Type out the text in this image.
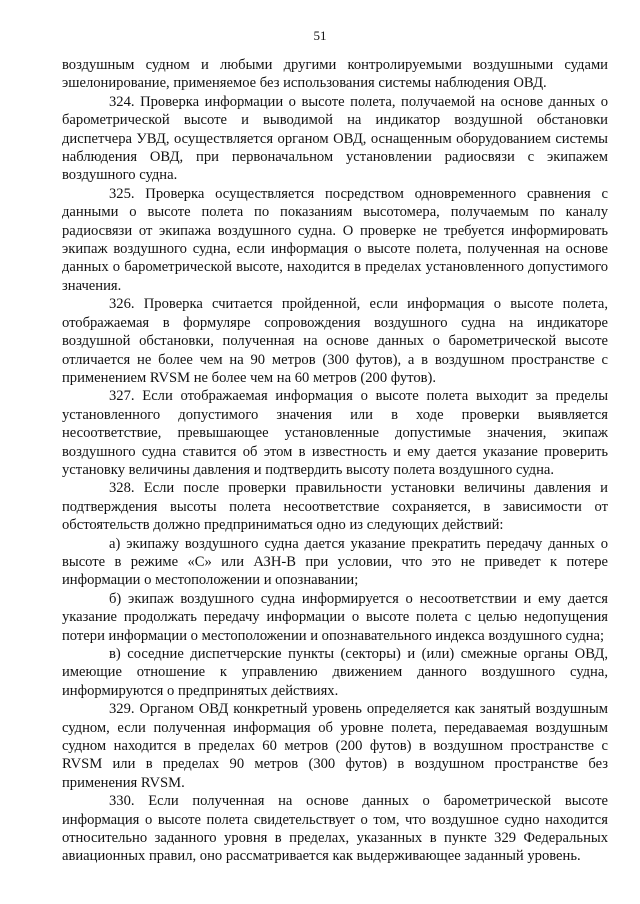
51

воздушным судном и любыми другими контролируемыми воздушными судами эшелонирование, применяемое без использования системы наблюдения ОВД.

324. Проверка информации о высоте полета, получаемой на основе данных о барометрической высоте и выводимой на индикатор воздушной обстановки диспетчера УВД, осуществляется органом ОВД, оснащенным оборудованием системы наблюдения ОВД, при первоначальном установлении радиосвязи с экипажем воздушного судна.

325. Проверка осуществляется посредством одновременного сравнения с данными о высоте полета по показаниям высотомера, получаемым по каналу радиосвязи от экипажа воздушного судна. О проверке не требуется информировать экипаж воздушного судна, если информация о высоте полета, полученная на основе данных о барометрической высоте, находится в пределах установленного допустимого значения.

326. Проверка считается пройденной, если информация о высоте полета, отображаемая в формуляре сопровождения воздушного судна на индикаторе воздушной обстановки, полученная на основе данных о барометрической высоте отличается не более чем на 90 метров (300 футов), а в воздушном пространстве с применением RVSM не более чем на 60 метров (200 футов).

327. Если отображаемая информация о высоте полета выходит за пределы установленного допустимого значения или в ходе проверки выявляется несоответствие, превышающее установленные допустимые значения, экипаж воздушного судна ставится об этом в известность и ему дается указание проверить установку величины давления и подтвердить высоту полета воздушного судна.

328. Если после проверки правильности установки величины давления и подтверждения высоты полета несоответствие сохраняется, в зависимости от обстоятельств должно предприниматься одно из следующих действий:

а) экипажу воздушного судна дается указание прекратить передачу данных о высоте в режиме «С» или АЗН-В при условии, что это не приведет к потере информации о местоположении и опознавании;

б) экипаж воздушного судна информируется о несоответствии и ему дается указание продолжать передачу информации о высоте полета с целью недопущения потери информации о местоположении и опознавательного индекса воздушного судна;

в) соседние диспетчерские пункты (секторы) и (или) смежные органы ОВД, имеющие отношение к управлению движением данного воздушного судна, информируются о предпринятых действиях.

329. Органом ОВД конкретный уровень определяется как занятый воздушным судном, если полученная информация об уровне полета, передаваемая воздушным судном находится в пределах 60 метров (200 футов) в воздушном пространстве с RVSM или в пределах 90 метров (300 футов) в воздушном пространстве без применения RVSM.

330. Если полученная на основе данных о барометрической высоте информация о высоте полета свидетельствует о том, что воздушное судно находится относительно заданного уровня в пределах, указанных в пункте 329 Федеральных авиационных правил, оно рассматривается как выдерживающее заданный уровень.
